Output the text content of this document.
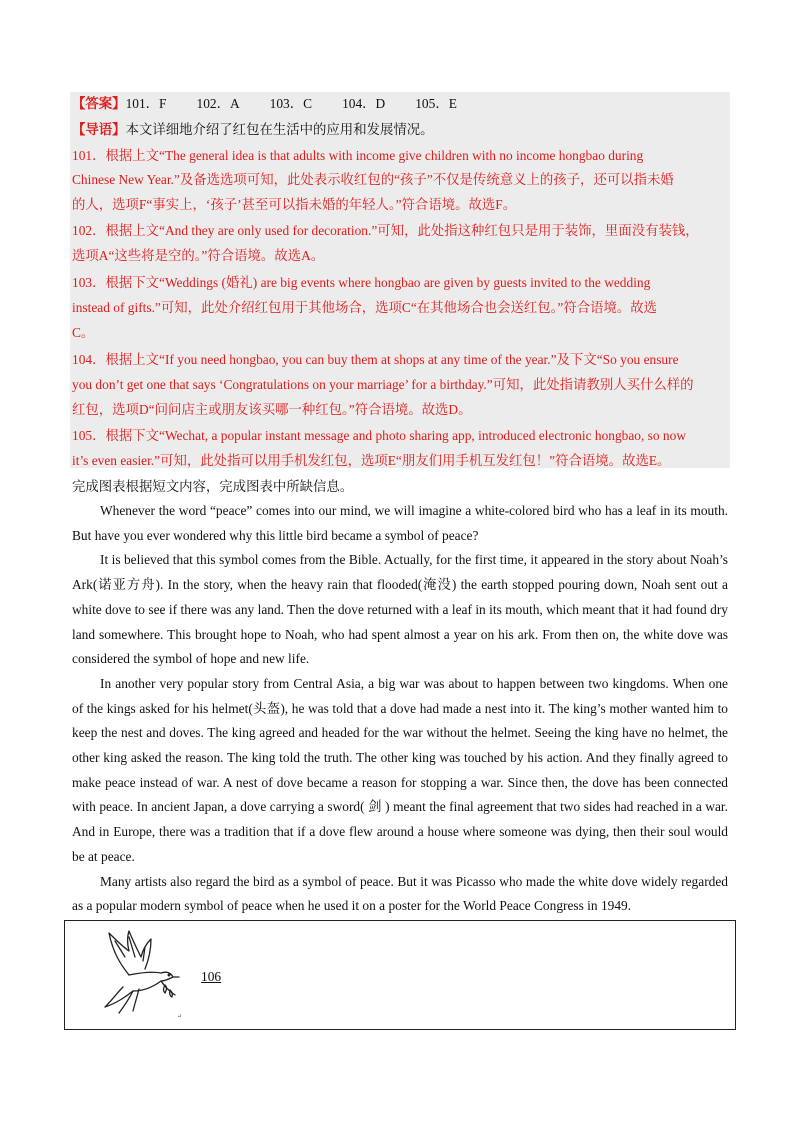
【答案】101．F 102．A 103．C 104．D 105．E
【导语】本文详细地介绍了红包在生活中的应用和发展情况。
101．根据上文“The general idea is that adults with income give children with no income hongbao during
Chinese New Year.”及备选选项可知，此处表示收红包的“孩子”不仅是传统意义上的孩子，还可以指未婚
的人，选项F“事实上，‘孩子’甚至可以指未婚的年轻人。”符合语境。故选F。
102．根据上文“And they are only used for decoration.”可知，此处指这种红包只是用于装饰，里面没有装钱，
选项A“这些将是空的。”符合语境。故选A。
103．根据下文“Weddings (婚礼) are big events where hongbao are given by guests invited to the wedding
instead of gifts.”可知，此处介绍红包用于其他场合，选项C“在其他场合也会送红包。”符合语境。故选
C。
104．根据上文“If you need hongbao, you can buy them at shops at any time of the year.”及下文“So you ensure
you don’t get one that says ‘Congratulations on your marriage’ for a birthday.”可知，此处指请教别人买什么样的
红包，选项D“问问店主或朋友该买哪一种红包。”符合语境。故选D。
105．根据下文“Wechat, a popular instant message and photo sharing app, introduced electronic hongbao, so now
it’s even easier.”可知，此处指可以用手机发红包，选项E“朋友们用手机互发红包！”符合语境。故选E。
完成图表根据短文内容，完成图表中所缺信息。

Whenever the word “peace” comes into our mind, we will imagine a white-colored bird who has a leaf in its mouth. But have you ever wondered why this little bird became a symbol of peace?

It is believed that this symbol comes from the Bible. Actually, for the first time, it appeared in the story about Noah’s Ark(诺亚方舟). In the story, when the heavy rain that flooded(淹没) the earth stopped pouring down, Noah sent out a white dove to see if there was any land. Then the dove returned with a leaf in its mouth, which meant that it had found dry land somewhere. This brought hope to Noah, who had spent almost a year on his ark. From then on, the white dove was considered the symbol of hope and new life.

In another very popular story from Central Asia, a big war was about to happen between two kingdoms. When one of the kings asked for his helmet(头盔), he was told that a dove had made a nest into it. The king’s mother wanted him to keep the nest and doves. The king agreed and headed for the war without the helmet. Seeing the king have no helmet, the other king asked the reason. The king told the truth. The other king was touched by his action. And they finally agreed to make peace instead of war. A nest of dove became a reason for stopping a war. Since then, the dove has been connected with peace. In ancient Japan, a dove carrying a sword( 剑 ) meant the final agreement that two sides had reached in a war. And in Europe, there was a tradition that if a dove flew around a house where someone was dying, then their soul would be at peace.

Many artists also regard the bird as a symbol of peace. But it was Picasso who made the white dove widely regarded as a popular modern symbol of peace when he used it on a poster for the World Peace Congress in 1949.

106
↵
